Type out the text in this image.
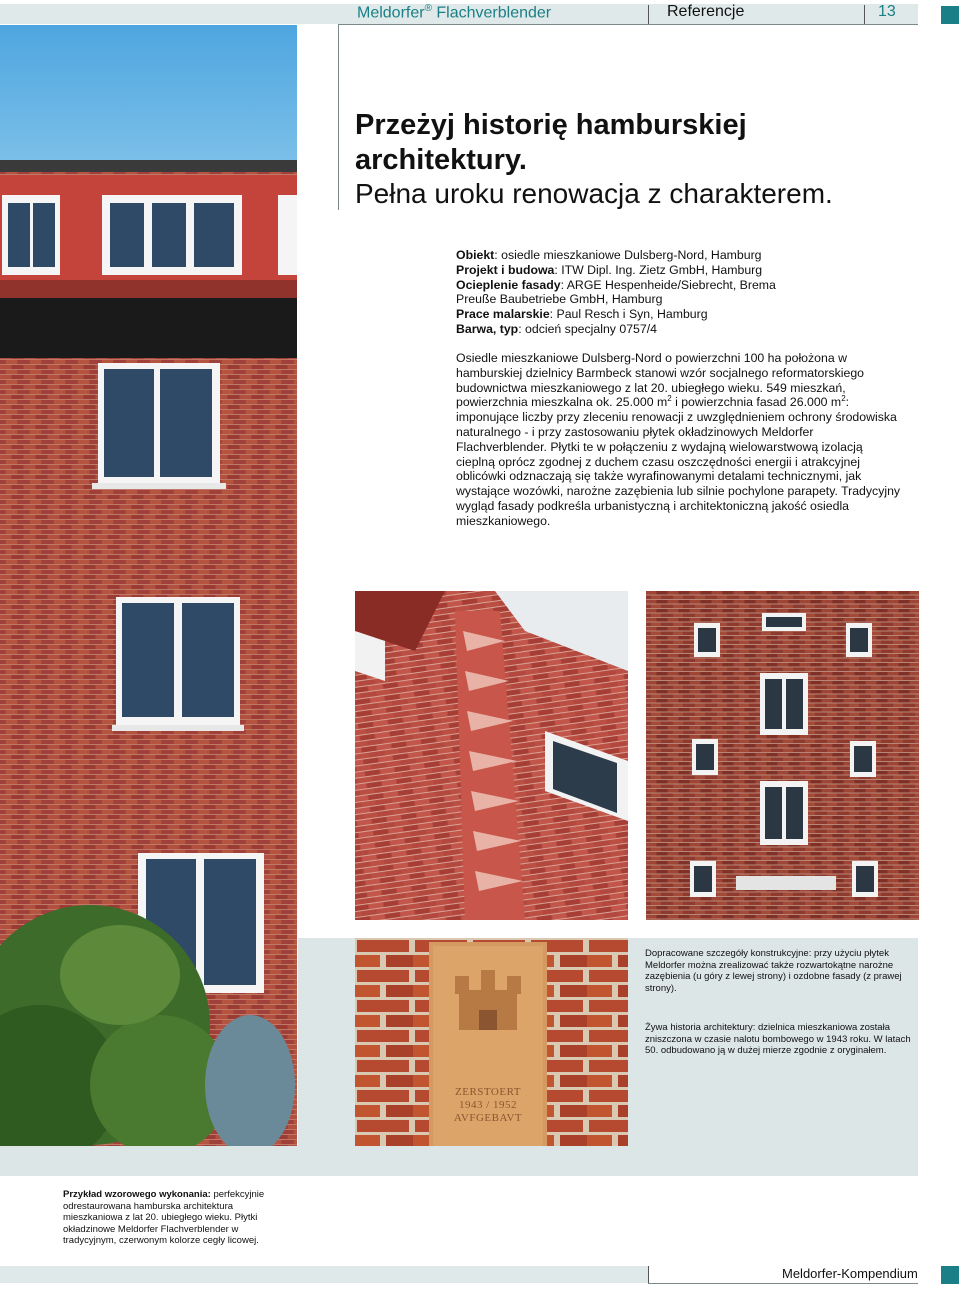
Meldorfer® Flachverblender	Referencje	13
Przeżyj historię hamburskiej architektury.
Pełna uroku renowacja z charakterem.
Obiekt: osiedle mieszkaniowe Dulsberg-Nord, Hamburg
Projekt i budowa: ITW Dipl. Ing. Zietz GmbH, Hamburg
Ocieplenie fasady: ARGE Hespenheide/Siebrecht, Brema
Preuße Baubetriebe GmbH, Hamburg
Prace malarskie: Paul Resch i Syn, Hamburg
Barwa, typ: odcień specjalny 0757/4
Osiedle mieszkaniowe Dulsberg-Nord o powierzchni 100 ha położona w hamburskiej dzielnicy Barmbeck stanowi wzór socjalnego reformatorskiego budownictwa mieszkaniowego z lat 20. ubiegłego wieku. 549 mieszkań, powierzchnia mieszkalna ok. 25.000 $m^2$ i powierzchnia fasad 26.000 $m^2$: imponujące liczby przy zleceniu renowacji z uwzględnieniem ochrony środowiska naturalnego - i przy zastosowaniu płytek okładzinowych Meldorfer Flachverblender. Płytki te w połączeniu z wydajną wielowarstwową izolacją cieplną oprócz zgodnej z duchem czasu oszczędności energii i atrakcyjnej oblicówki odznaczają się także wyrafinowanymi detalami technicznymi, jak wystające wozówki, narożne zazębienia lub silnie pochylone parapety. Tradycyjny wygląd fasady podkreśla urbanistyczną i architektoniczną jakość osiedla mieszkaniowego.
ZERSTOERT
1943 / 1952
AVFGEBAVT
Dopracowane szczegóły konstrukcyjne: przy użyciu płytek Meldorfer można zrealizować także rozwartokątne narożne zazębienia (u góry z lewej strony) i ozdobne fasady (z prawej strony).
Żywa historia architektury: dzielnica mieszkaniowa została zniszczona w czasie nalotu bombowego w 1943 roku. W latach 50. odbudowano ją w dużej mierze zgodnie z oryginałem.
Przykład wzorowego wykonania: perfekcyjnie odrestaurowana hamburska architektura mieszkaniowa z lat 20. ubiegłego wieku. Płytki okładzinowe Meldorfer Flachverblender w tradycyjnym, czerwonym kolorze cegły licowej.
Meldorfer-Kompendium
